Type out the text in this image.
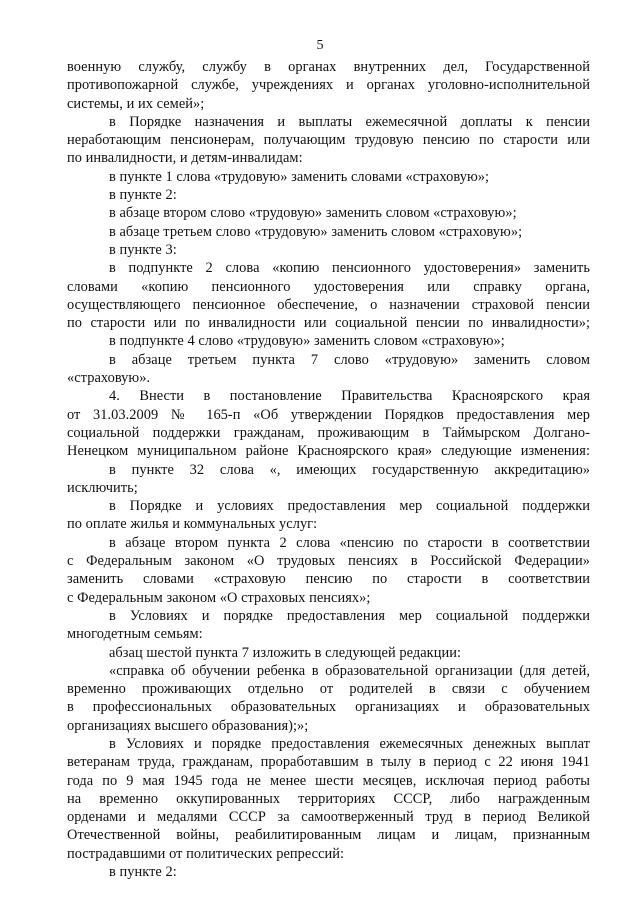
5
военную службу, службу в органах внутренних дел, Государственной
противопожарной службе, учреждениях и органах уголовно-исполнительной
системы, и их семей»;
в Порядке назначения и выплаты ежемесячной доплаты к пенсии
неработающим пенсионерам, получающим трудовую пенсию по старости или
по инвалидности, и детям-инвалидам:
в пункте 1 слова «трудовую» заменить словами «страховую»;
в пункте 2:
в абзаце втором слово «трудовую» заменить словом «страховую»;
в абзаце третьем слово «трудовую» заменить словом «страховую»;
в пункте 3:
в подпункте 2 слова «копию пенсионного удостоверения» заменить
словами «копию пенсионного удостоверения или справку органа,
осуществляющего пенсионное обеспечение, о назначении страховой пенсии
по старости или по инвалидности или социальной пенсии по инвалидности»;
в подпункте 4 слово «трудовую» заменить словом «страховую»;
в абзаце третьем пункта 7 слово «трудовую» заменить словом
«страховую».
4. Внести в постановление Правительства Красноярского края
от 31.03.2009 № 165-п «Об утверждении Порядков предоставления мер
социальной поддержки гражданам, проживающим в Таймырском Долгано-
Ненецком муниципальном районе Красноярского края» следующие изменения:
в пункте 32 слова «, имеющих государственную аккредитацию»
исключить;
в Порядке и условиях предоставления мер социальной поддержки
по оплате жилья и коммунальных услуг:
в абзаце втором пункта 2 слова «пенсию по старости в соответствии
с Федеральным законом «О трудовых пенсиях в Российской Федерации»
заменить словами «страховую пенсию по старости в соответствии
с Федеральным законом «О страховых пенсиях»;
в Условиях и порядке предоставления мер социальной поддержки
многодетным семьям:
абзац шестой пункта 7 изложить в следующей редакции:
«справка об обучении ребенка в образовательной организации (для детей,
временно проживающих отдельно от родителей в связи с обучением
в профессиональных образовательных организациях и образовательных
организациях высшего образования);»;
в Условиях и порядке предоставления ежемесячных денежных выплат
ветеранам труда, гражданам, проработавшим в тылу в период с 22 июня 1941
года по 9 мая 1945 года не менее шести месяцев, исключая период работы
на временно оккупированных территориях СССР, либо награжденным
орденами и медалями СССР за самоотверженный труд в период Великой
Отечественной войны, реабилитированным лицам и лицам, признанным
пострадавшими от политических репрессий:
в пункте 2:
